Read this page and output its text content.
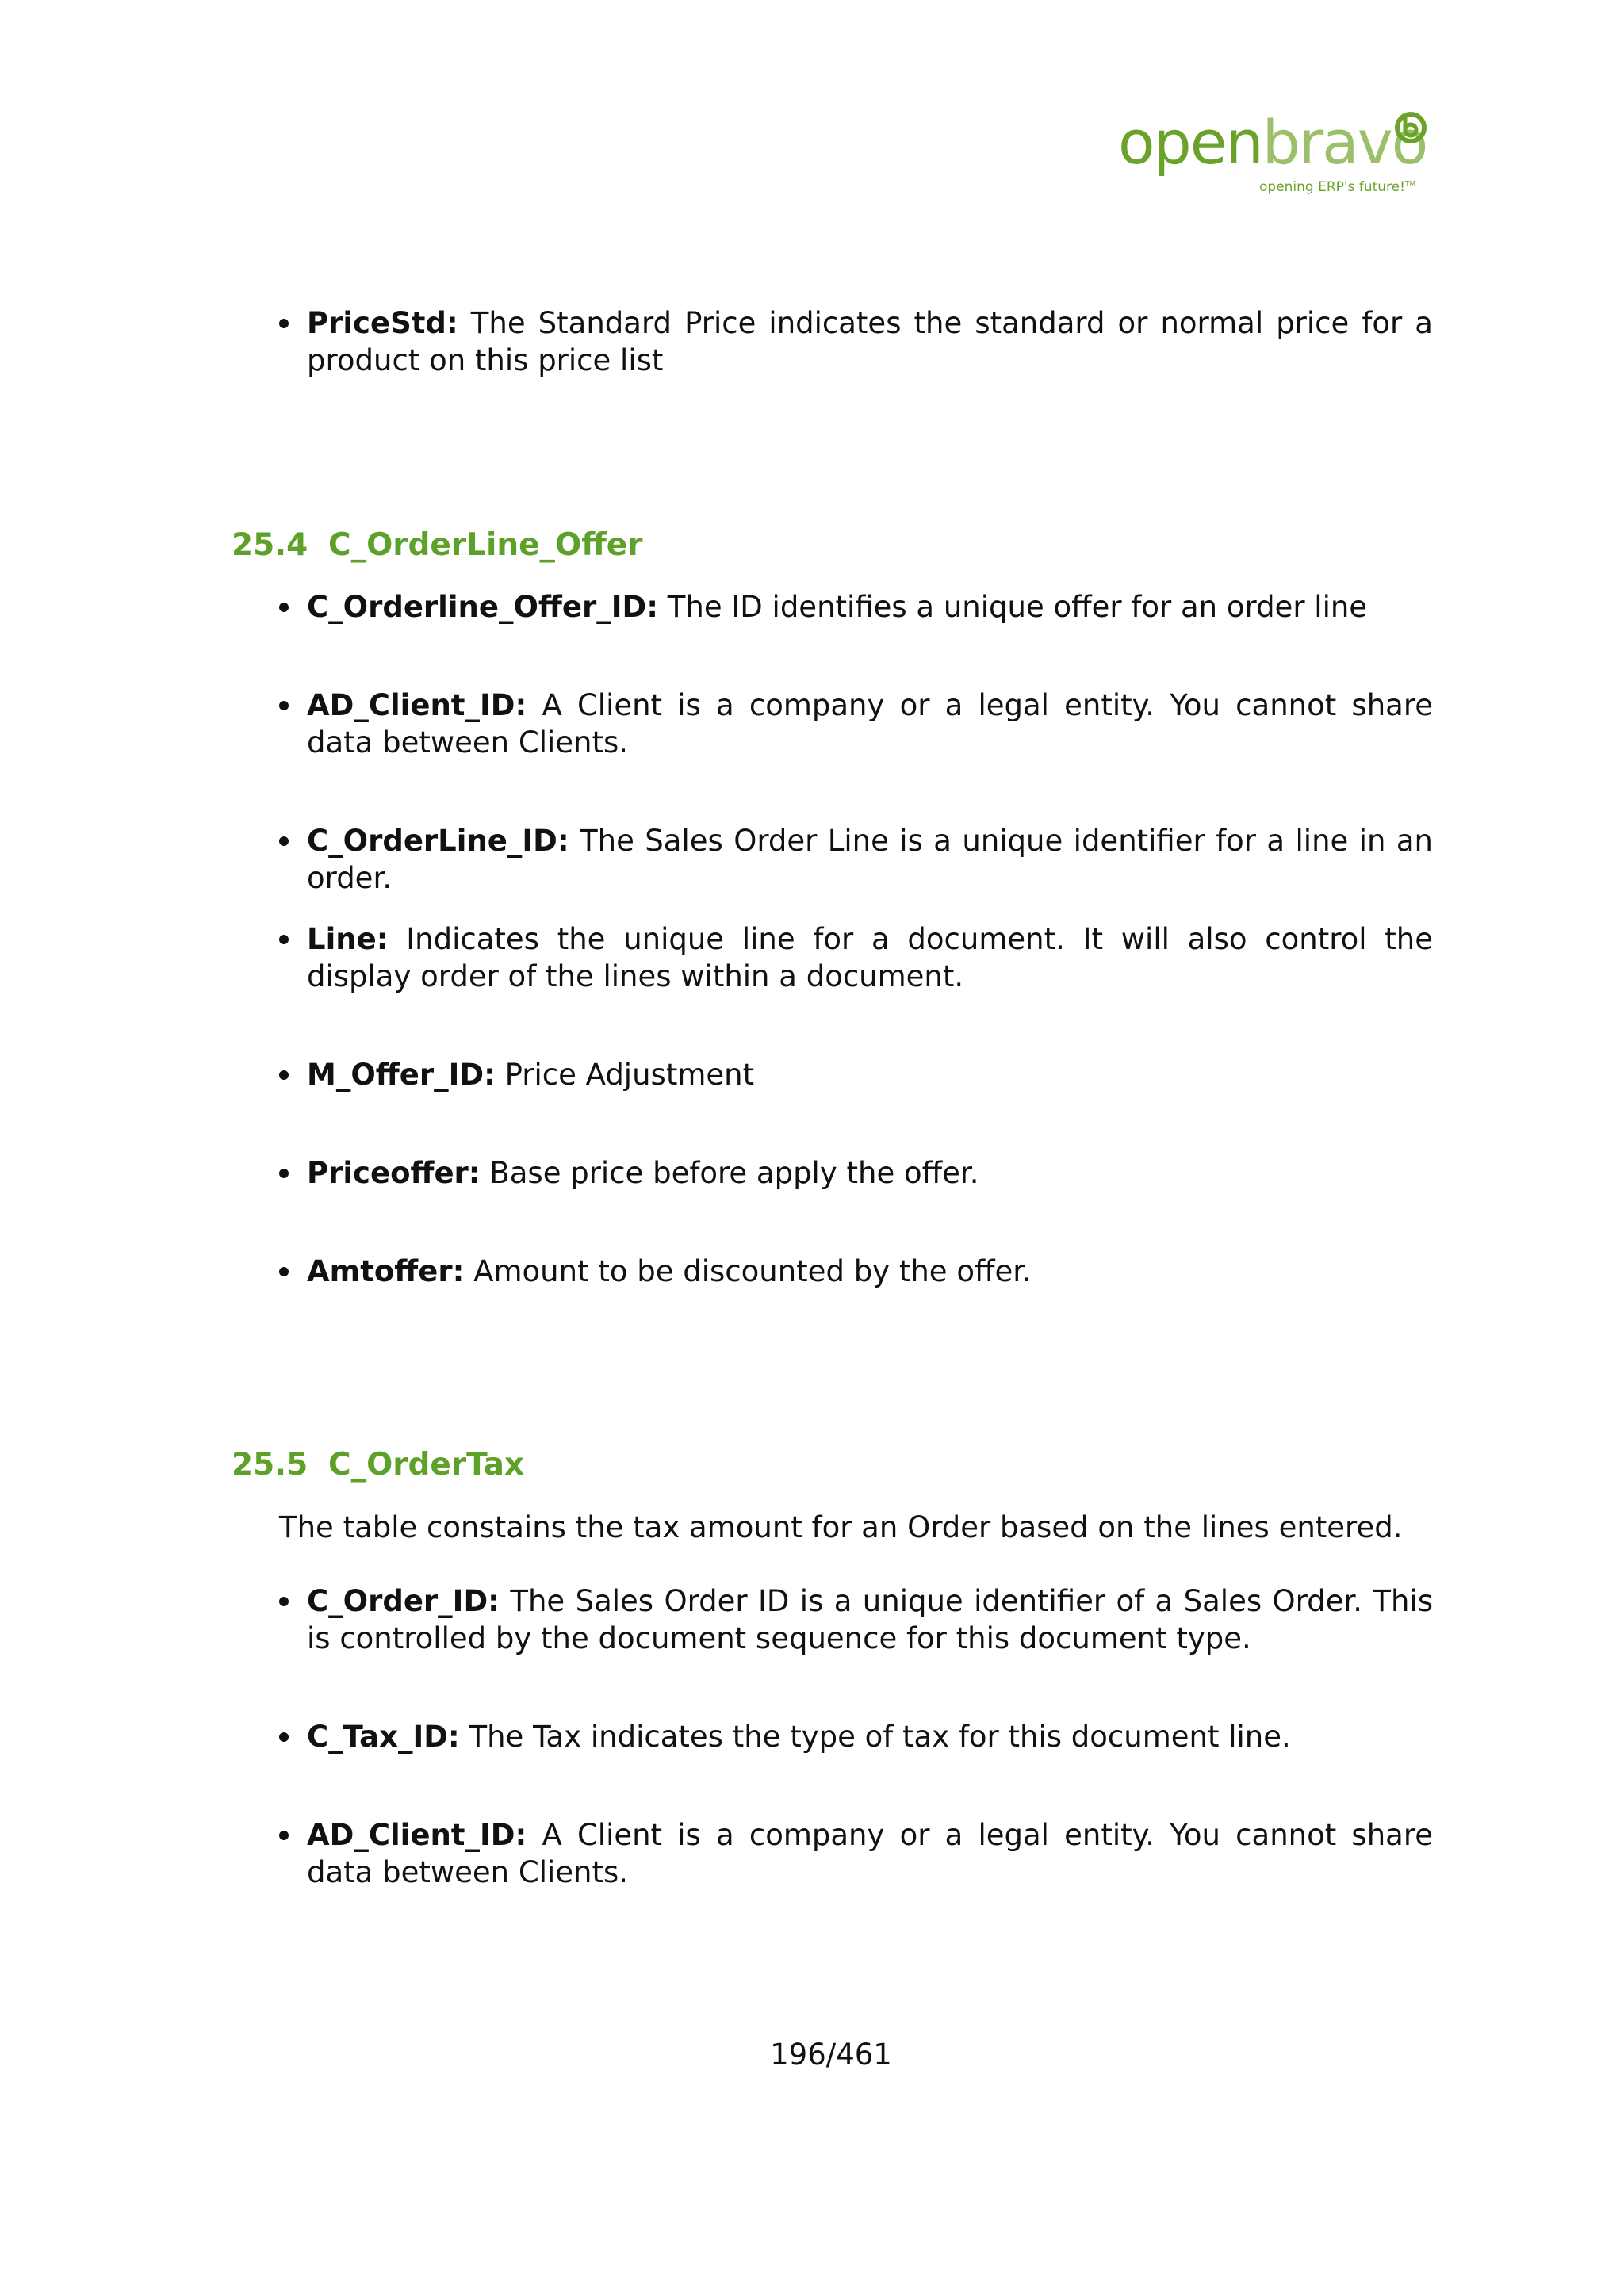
openbravo
opening ERP's future!™
PriceStd: The Standard Price indicates the standard or normal price for a product on this price list
25.4 C_OrderLine_Offer
C_Orderline_Offer_ID: The ID identifies a unique offer for an order line
AD_Client_ID: A Client is a company or a legal entity. You cannot share data between Clients.
C_OrderLine_ID: The Sales Order Line is a unique identifier for a line in an order.
Line: Indicates the unique line for a document. It will also control the display order of the lines within a document.
M_Offer_ID: Price Adjustment
Priceoffer: Base price before apply the offer.
Amtoffer: Amount to be discounted by the offer.
25.5 C_OrderTax
The table constains the tax amount for an Order based on the lines entered.
C_Order_ID: The Sales Order ID is a unique identifier of a Sales Order. This is controlled by the document sequence for this document type.
C_Tax_ID: The Tax indicates the type of tax for this document line.
AD_Client_ID: A Client is a company or a legal entity. You cannot share data between Clients.
196/461
